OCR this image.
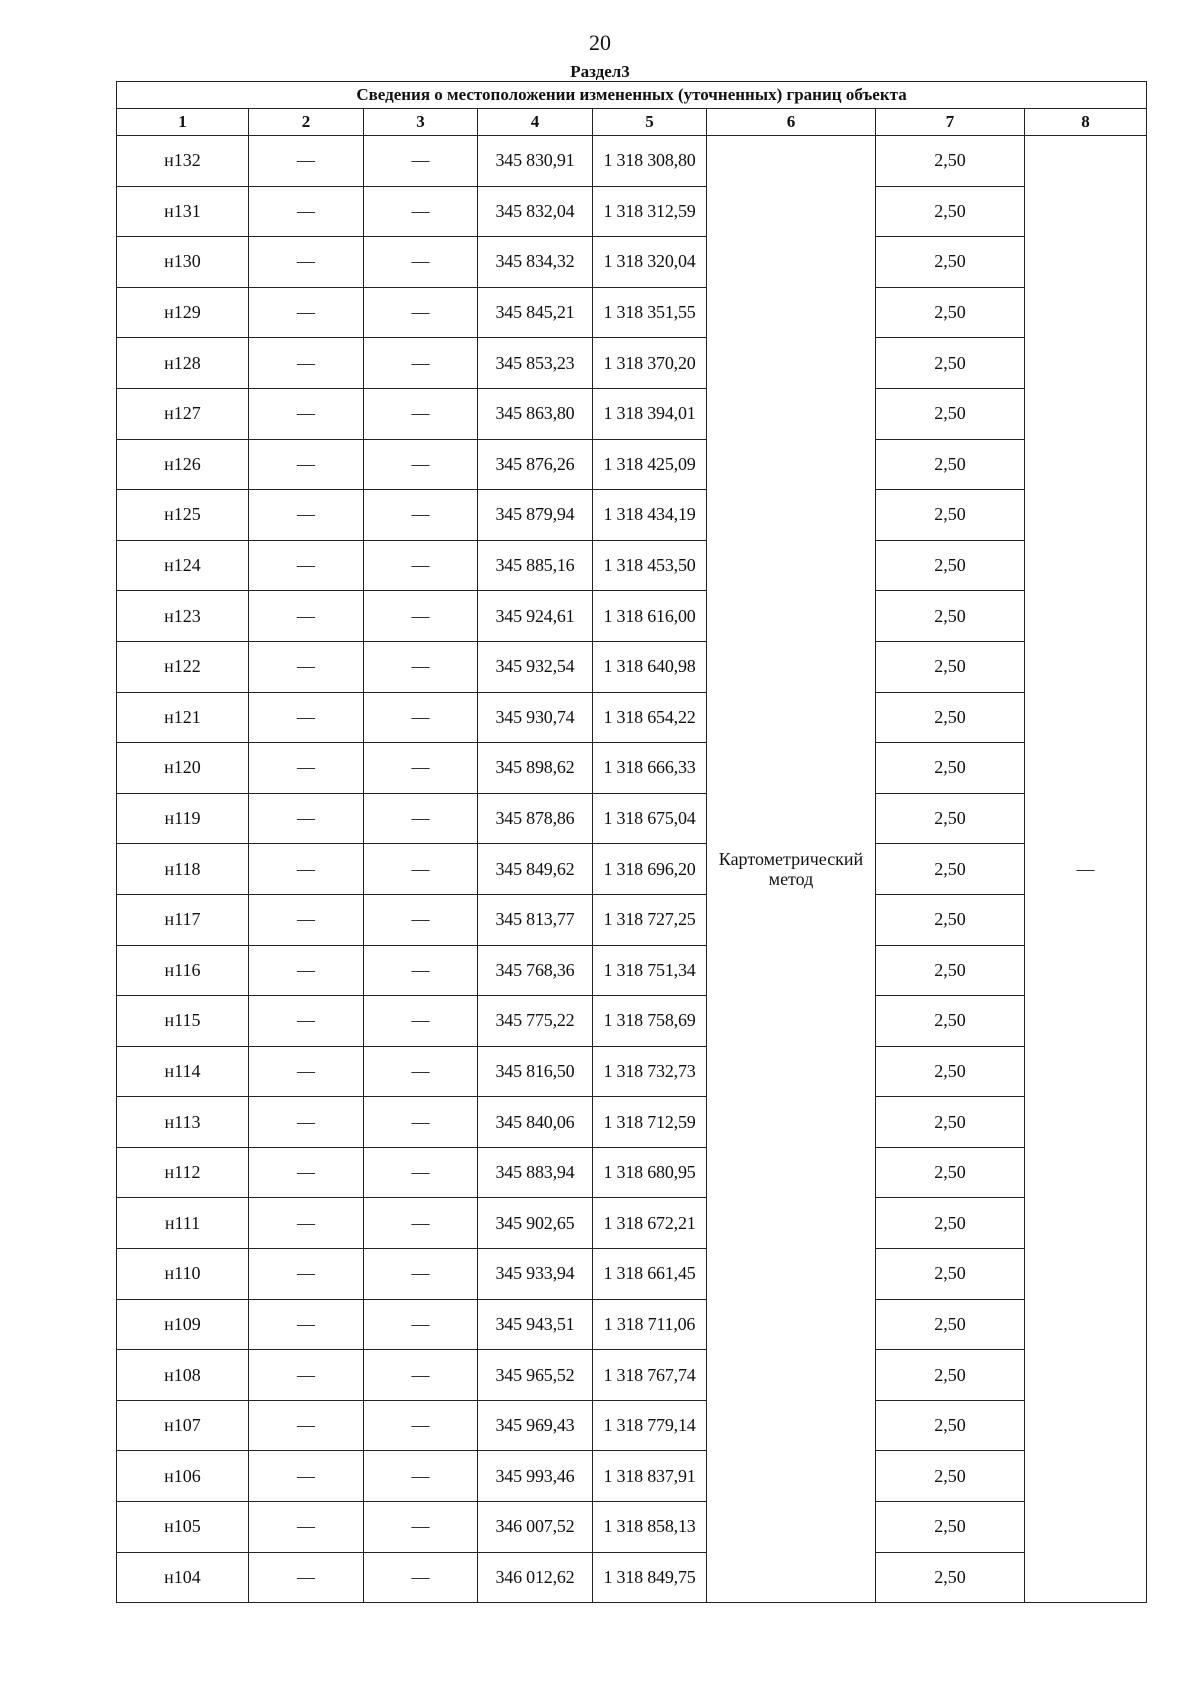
20
Раздел3
Сведения о местоположении измененных (уточненных) границ объекта							
1	2	3	4	5	6	7	8
н132	—	—	345 830,91	1 318 308,80	Картометрический метод	2,50	—
н131	—	—	345 832,04	1 318 312,59		2,50	
н130	—	—	345 834,32	1 318 320,04		2,50	
н129	—	—	345 845,21	1 318 351,55		2,50	
н128	—	—	345 853,23	1 318 370,20		2,50	
н127	—	—	345 863,80	1 318 394,01		2,50	
н126	—	—	345 876,26	1 318 425,09		2,50	
н125	—	—	345 879,94	1 318 434,19		2,50	
н124	—	—	345 885,16	1 318 453,50		2,50	
н123	—	—	345 924,61	1 318 616,00		2,50	
н122	—	—	345 932,54	1 318 640,98		2,50	
н121	—	—	345 930,74	1 318 654,22		2,50	
н120	—	—	345 898,62	1 318 666,33		2,50	
н119	—	—	345 878,86	1 318 675,04		2,50	
н118	—	—	345 849,62	1 318 696,20		2,50	
н117	—	—	345 813,77	1 318 727,25		2,50	
н116	—	—	345 768,36	1 318 751,34		2,50	
н115	—	—	345 775,22	1 318 758,69		2,50	
н114	—	—	345 816,50	1 318 732,73		2,50	
н113	—	—	345 840,06	1 318 712,59		2,50	
н112	—	—	345 883,94	1 318 680,95		2,50	
н111	—	—	345 902,65	1 318 672,21		2,50	
н110	—	—	345 933,94	1 318 661,45		2,50	
н109	—	—	345 943,51	1 318 711,06		2,50	
н108	—	—	345 965,52	1 318 767,74		2,50	
н107	—	—	345 969,43	1 318 779,14		2,50	
н106	—	—	345 993,46	1 318 837,91		2,50	
н105	—	—	346 007,52	1 318 858,13		2,50	
н104	—	—	346 012,62	1 318 849,75		2,50	
